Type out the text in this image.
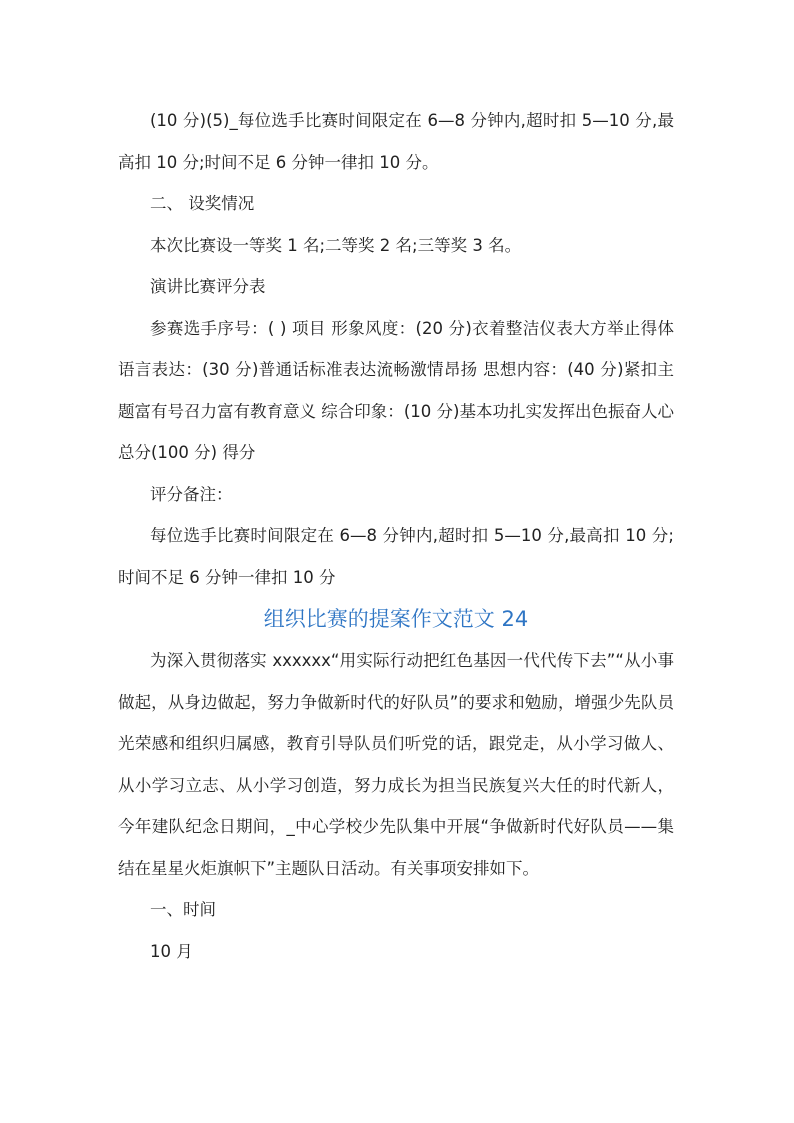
(10 分)(5)_每位选手比赛时间限定在 6—8 分钟内,超时扣 5—10 分,最高扣 10 分;时间不足 6 分钟一律扣 10 分。

二、 设奖情况

本次比赛设一等奖 1 名;二等奖 2 名;三等奖 3 名。

演讲比赛评分表

参赛选手序号：( ) 项目 形象风度：(20 分)衣着整洁仪表大方举止得体 语言表达：(30 分)普通话标准表达流畅激情昂扬 思想内容：(40 分)紧扣主题富有号召力富有教育意义 综合印象：(10 分)基本功扎实发挥出色振奋人心 总分(100 分) 得分

评分备注：

每位选手比赛时间限定在 6—8 分钟内,超时扣 5—10 分,最高扣 10 分;时间不足 6 分钟一律扣 10 分

组织比赛的提案作文范文 24

为深入贯彻落实 xxxxxx“用实际行动把红色基因一代代传下去”“从小事做起，从身边做起，努力争做新时代的好队员”的要求和勉励，增强少先队员光荣感和组织归属感，教育引导队员们听党的话，跟党走，从小学习做人、从小学习立志、从小学习创造，努力成长为担当民族复兴大任的时代新人，今年建队纪念日期间，_中心学校少先队集中开展“争做新时代好队员——集结在星星火炬旗帜下”主题队日活动。有关事项安排如下。

一、时间

10 月
